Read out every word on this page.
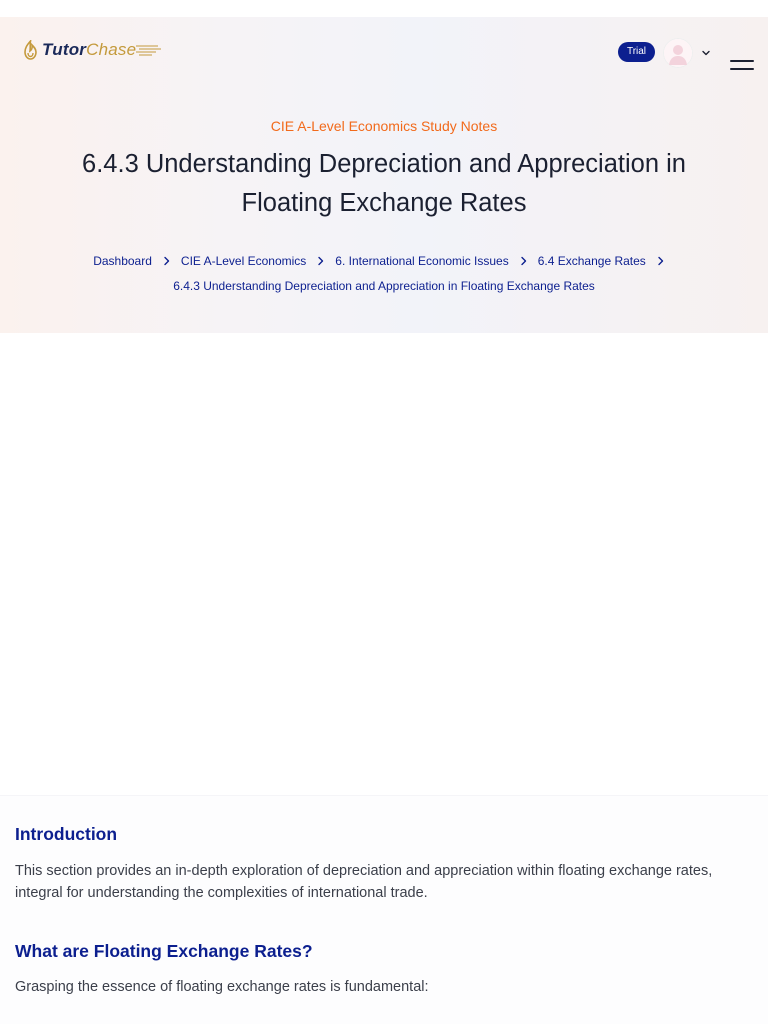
Tutor Chase	Trial
CIE A-Level Economics Study Notes
6.4.3 Understanding Depreciation and Appreciation in Floating Exchange Rates
Dashboard CIE A-Level Economics 6. International Economic Issues 6.4 Exchange Rates
6.4.3 Understanding Depreciation and Appreciation in Floating Exchange Rates
Introduction

This section provides an in-depth exploration of depreciation and appreciation within floating exchange rates, integral for understanding the complexities of international trade.

What are Floating Exchange Rates?

Grasping the essence of floating exchange rates is fundamental:
